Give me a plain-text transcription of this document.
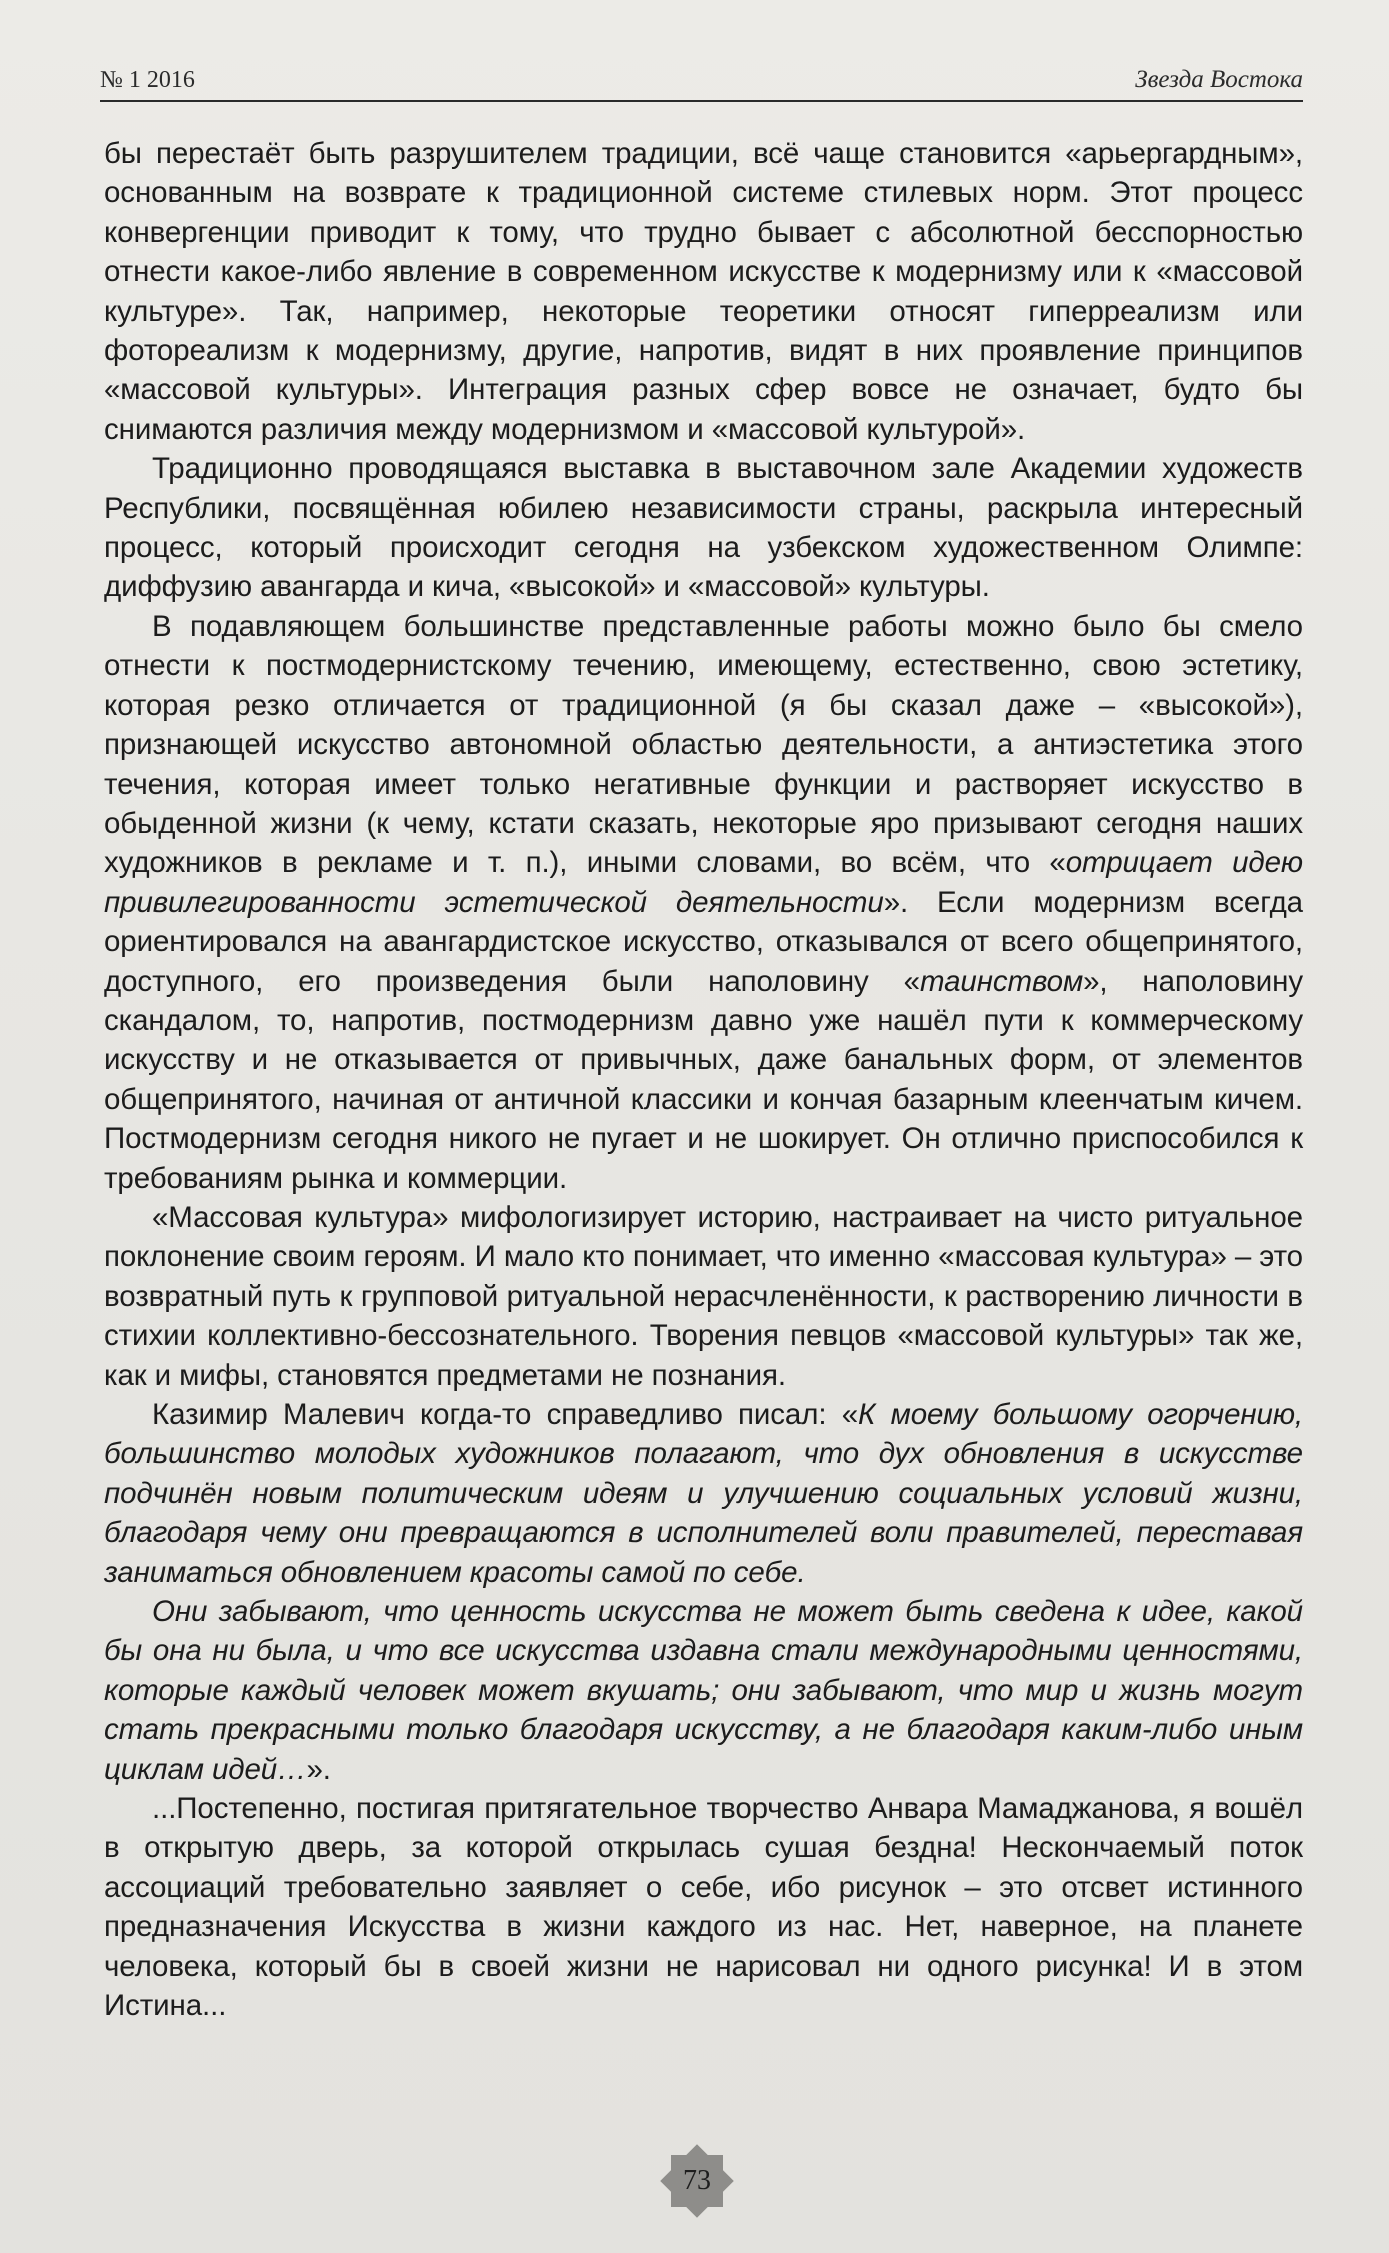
№ 1 2016	Звезда Востока

бы перестаёт быть разрушителем традиции, всё чаще становится «арьергардным», основанным на возврате к традиционной системе стилевых норм. Этот процесс конвергенции приводит к тому, что трудно бывает с абсолютной бесспорностью отнести какое-либо явление в современном искусстве к модернизму или к «массовой культуре». Так, например, некоторые теоретики относят гиперреализм или фотореализм к модернизму, другие, напротив, видят в них проявление принципов «массовой культуры». Интеграция разных сфер вовсе не означает, будто бы снимаются различия между модернизмом и «массовой культурой».

Традиционно проводящаяся выставка в выставочном зале Академии художеств Республики, посвящённая юбилею независимости страны, раскрыла интересный процесс, который происходит сегодня на узбекском художественном Олимпе: диффузию авангарда и кича, «высокой» и «массовой» культуры.

В подавляющем большинстве представленные работы можно было бы смело отнести к постмодернистскому течению, имеющему, естественно, свою эстетику, которая резко отличается от традиционной (я бы сказал даже – «высокой»), признающей искусство автономной областью деятельности, а антиэстетика этого течения, которая имеет только негативные функции и растворяет искусство в обыденной жизни (к чему, кстати сказать, некоторые яро призывают сегодня наших художников в рекламе и т. п.), иными словами, во всём, что «отрицает идею привилегированности эстетической деятельности». Если модернизм всегда ориентировался на авангардистское искусство, отказывался от всего общепринятого, доступного, его произведения были наполовину «таинством», наполовину скандалом, то, напротив, постмодернизм давно уже нашёл пути к коммерческому искусству и не отказывается от привычных, даже банальных форм, от элементов общепринятого, начиная от античной классики и кончая базарным клеенчатым кичем. Постмодернизм сегодня никого не пугает и не шокирует. Он отлично приспособился к требованиям рынка и коммерции.

«Массовая культура» мифологизирует историю, настраивает на чисто ритуальное поклонение своим героям. И мало кто понимает, что именно «массовая культура» – это возвратный путь к групповой ритуальной нерасчленённости, к растворению личности в стихии коллективно-бессознательного. Творения певцов «массовой культуры» так же, как и мифы, становятся предметами не познания.

Казимир Малевич когда-то справедливо писал: «К моему большому огорчению, большинство молодых художников полагают, что дух обновления в искусстве подчинён новым политическим идеям и улучшению социальных условий жизни, благодаря чему они превращаются в исполнителей воли правителей, переставая заниматься обновлением красоты самой по себе.

Они забывают, что ценность искусства не может быть сведена к идее, какой бы она ни была, и что все искусства издавна стали международными ценностями, которые каждый человек может вкушать; они забывают, что мир и жизнь могут стать прекрасными только благодаря искусству, а не благодаря каким-либо иным циклам идей…».

...Постепенно, постигая притягательное творчество Анвара Мамаджанова, я вошёл в открытую дверь, за которой открылась сушая бездна! Нескончаемый поток ассоциаций требовательно заявляет о себе, ибо рисунок – это отсвет истинного предназначения Искусства в жизни каждого из нас. Нет, наверное, на планете человека, который бы в своей жизни не нарисовал ни одного рисунка! И в этом Истина...

73
